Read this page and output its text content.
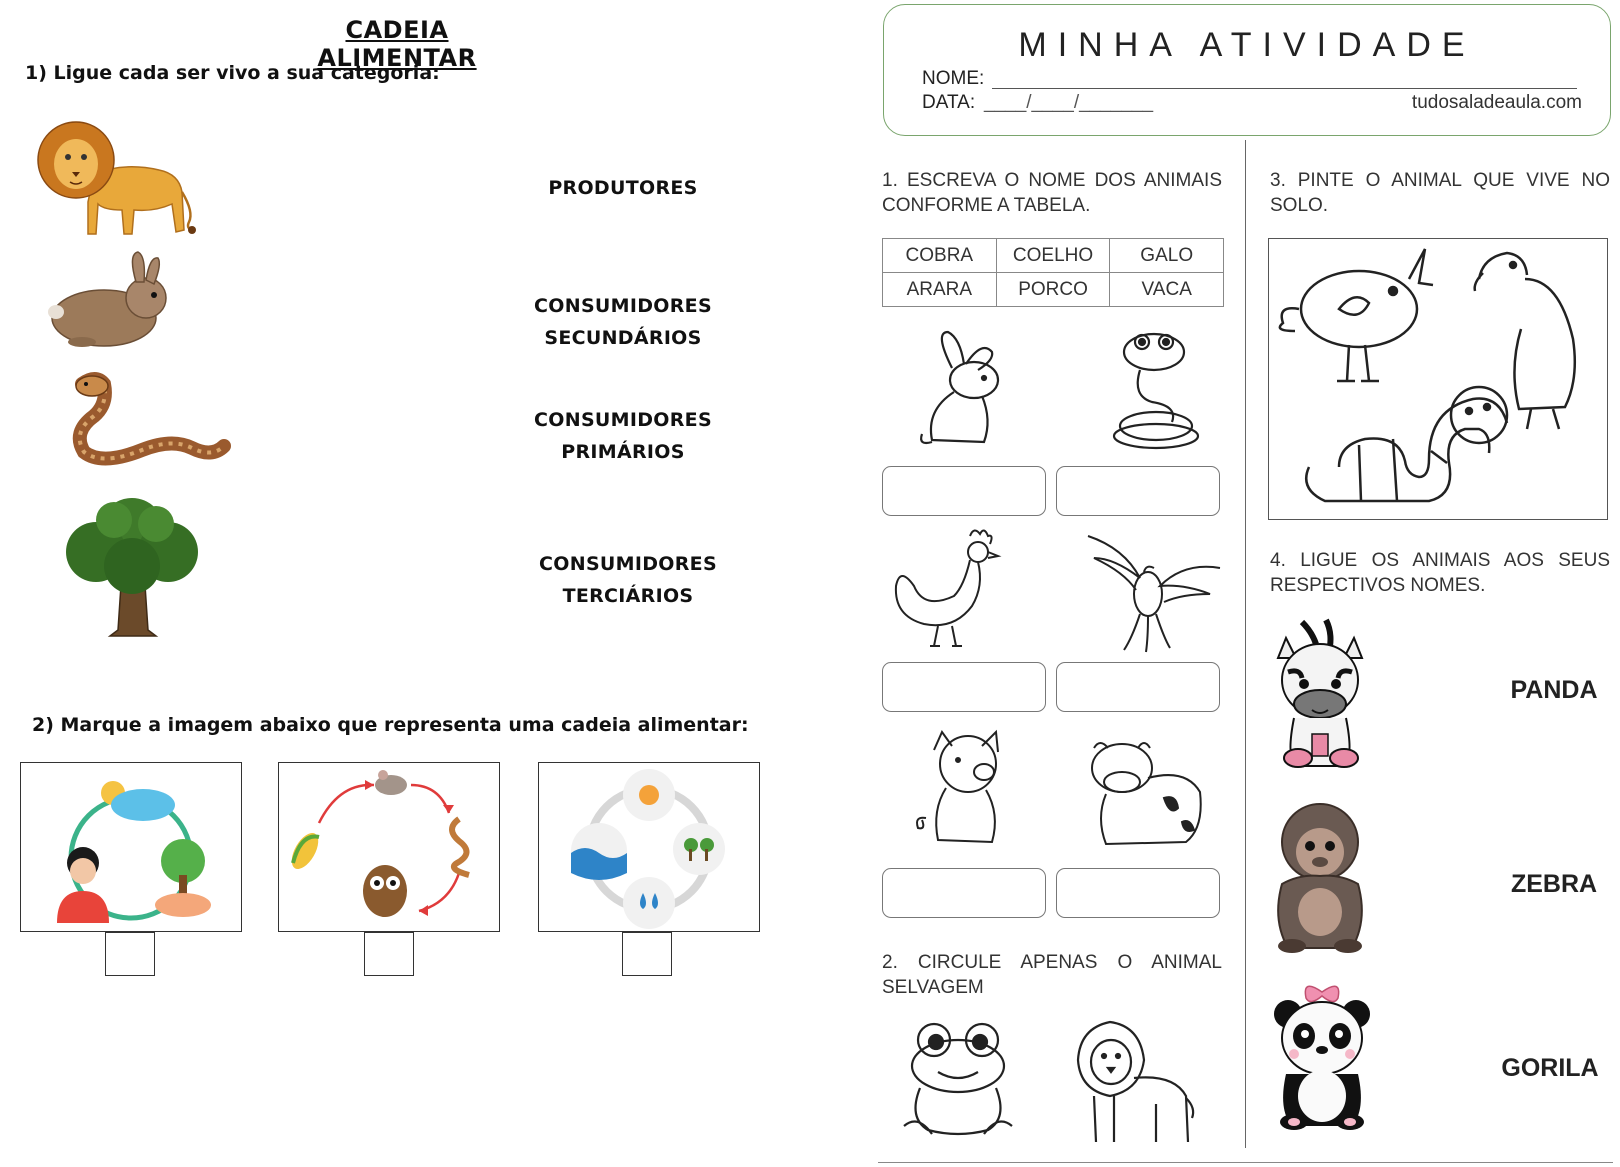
CADEIA ALIMENTAR
1) Ligue cada ser vivo a sua categoria:
PRODUTORES
CONSUMIDORES
SECUNDÁRIOS
CONSUMIDORES
PRIMÁRIOS
CONSUMIDORES
TERCIÁRIOS
2) Marque a imagem abaixo que representa uma cadeia alimentar:
MINHA ATIVIDADE
NOME:
DATA: ____/____/_______	tudosaladeaula.com
1. ESCREVA O NOME DOS ANIMAIS CONFORME A TABELA.
COBRA	COELHO	GALO
ARARA	PORCO	VACA
2. CIRCULE APENAS O ANIMAL SELVAGEM
3. PINTE O ANIMAL QUE VIVE NO SOLO.
4. LIGUE OS ANIMAIS AOS SEUS RESPECTIVOS NOMES.
PANDA
ZEBRA
GORILA
